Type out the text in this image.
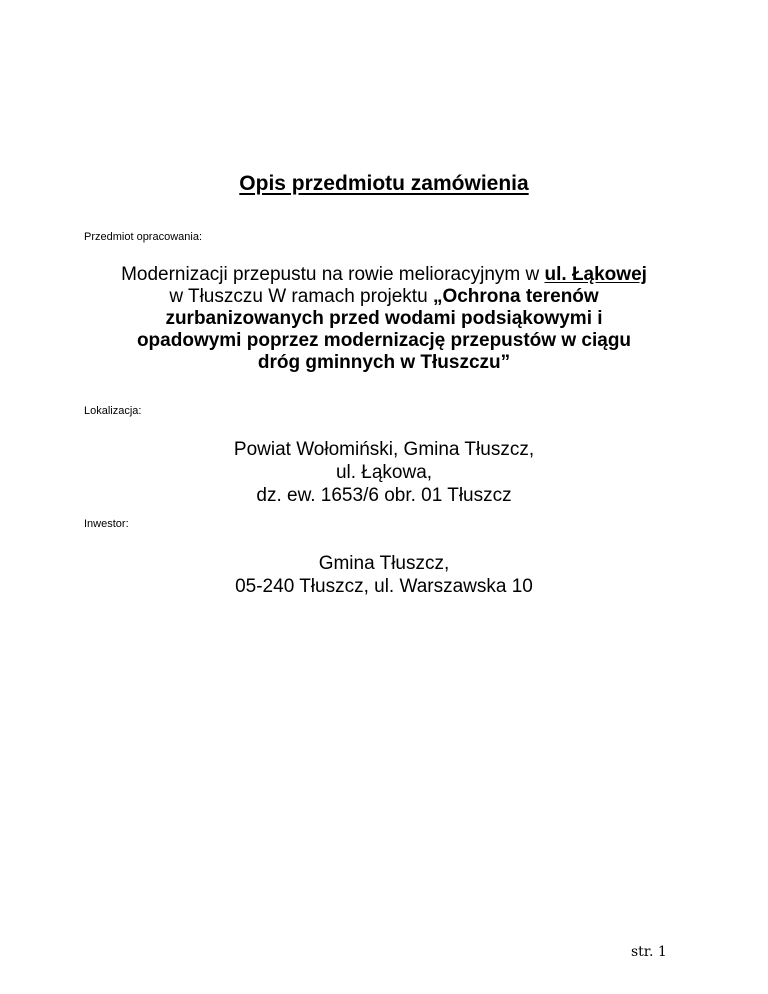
Opis przedmiotu zamówienia
Przedmiot opracowania:
Modernizacji przepustu na rowie melioracyjnym w ul. Łąkowej
w Tłuszczu W ramach projektu „Ochrona terenów
zurbanizowanych przed wodami podsiąkowymi i
opadowymi poprzez modernizację przepustów w ciągu
dróg gminnych w Tłuszczu”
Lokalizacja:
Powiat Wołomiński, Gmina Tłuszcz,
ul. Łąkowa,
dz. ew. 1653/6 obr. 01 Tłuszcz
Inwestor:
Gmina Tłuszcz,
05-240 Tłuszcz, ul. Warszawska 10
str. 1
